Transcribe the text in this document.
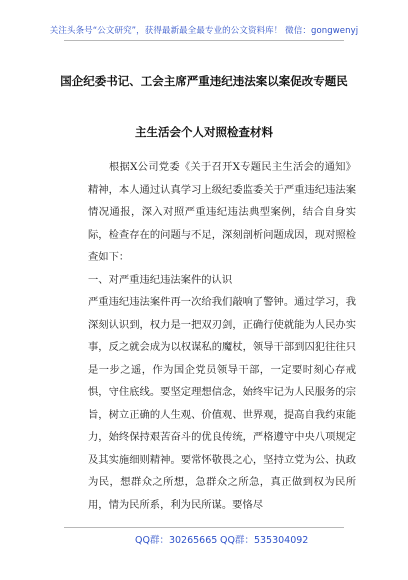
关注头条号“公文研究”，获得最新最全最专业的公文资料库！ 微信：gongwenyj
国企纪委书记、工会主席严重违纪违法案以案促改专题民
主生活会个人对照检查材料
根据X公司党委《关于召开X专题民主生活会的通知》精神，本人通过认真学习上级纪委监委关于严重违纪违法案情况通报，深入对照严重违纪违法典型案例，结合自身实际，检查存在的问题与不足，深刻剖析问题成因，现对照检查如下：
一、对严重违纪违法案件的认识
严重违纪违法案件再一次给我们敲响了警钟。通过学习，我深刻认识到，权力是一把双刃剑，正确行使就能为人民办实事，反之就会成为以权谋私的魔杖，领导干部到囚犯往往只是一步之遥，作为国企党员领导干部，一定要时刻心存戒惧，守住底线。要坚定理想信念，始终牢记为人民服务的宗旨，树立正确的人生观、价值观、世界观，提高自我约束能力，始终保持艰苦奋斗的优良传统，严格遵守中央八项规定及其实施细则精神。要常怀敬畏之心，坚持立党为公、执政为民，想群众之所想，急群众之所急，真正做到权为民所用，情为民所系，利为民所谋。要恪尽
QQ群：30265665 QQ群：535304092
